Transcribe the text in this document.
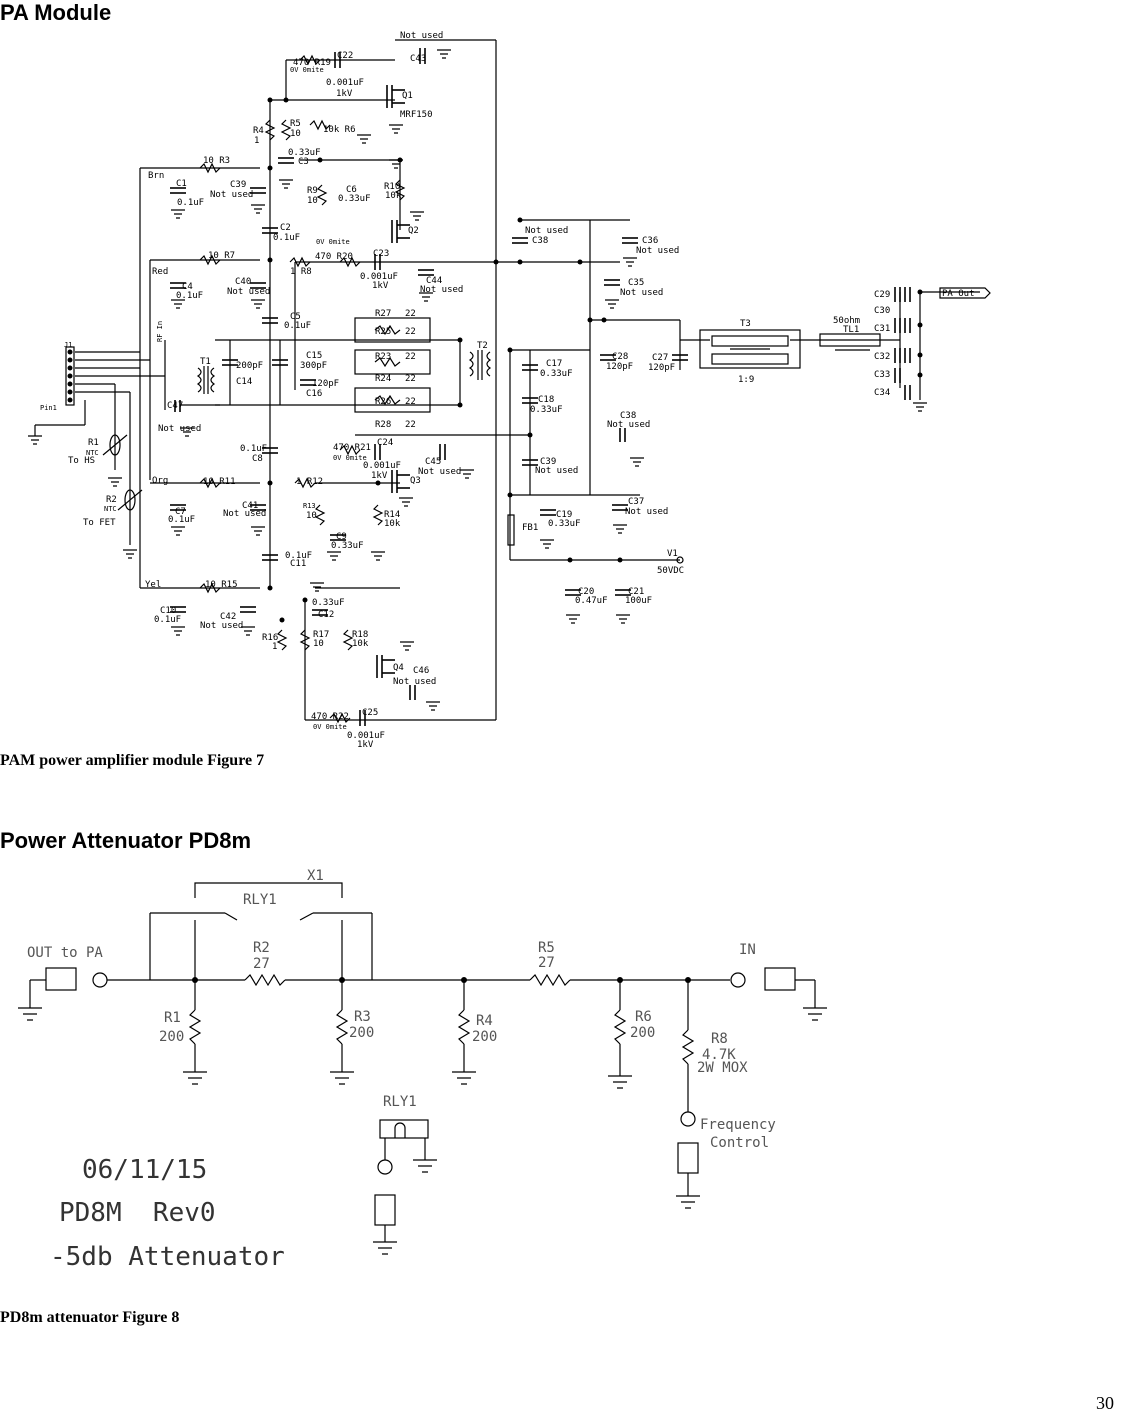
PA Module
Power Attenuator PD8m

PAM power amplifier module Figure 7

PD8m attenuator Figure 8

30
Brn
Red
Org
Yel
J1
Pin1
RF In
R1
NTC
To HS
R2
NTC
To FET
C1
0.1uF
10 R3
C39
Not used
R4
1
R5
10
0.33uF
C3
470 R19
0V 0mite
C22
0.001uF
1kV	Q1
MRF150
10k R6
Not used
C43
R9
10
C6
0.33uF
R10
10k
Q2
C2
0.1uF 0V 0mite
470 R20 C23
0.001uF
1kV	C44
Not used
Not used
C38	C36
Not used
C35
Not used
10 R7
1 R8
C4
0.1uF
C40
Not used
C5
0.1uF
T1	200pF
C14
C15
300pF
120pF
C16
R27 22
R25 22
R23 22
R24 22
R26 22
R28 22
T2
C17
0.33uF
C18
0.33uF
C28
120pF
C27
120pF
T3
1:9
50ohm
TL1
C29
C30
C31
C32
C33
C34
PA Out
C47
Not used
C38
Not used
0.1uF
C8
470 R21
0V 0mite
C24
0.001uF
1kV
C45
Not used
Q3
C39
Not used
10 R11	1 R12
C7
0.1uF
C41
Not used
R13
10
C9
0.33uF
R14
10k	FB1
C19
0.33uF
C37
Not used
V1
50VDC
C20
0.47uF
C21
100uF
0.1uF
C11
10 R15
C10
0.1uF	C42
Not used
0.33uF
C12
R16
1
R17
10
R18
10k
Q4 C46
Not used
470 R22
0V 0mite
C25
0.001uF
1kV
X1
RLY1
OUT to PA	IN
R2
27
R5
27
R1
200
R3
200
R4
200
R6
200	R8
4.7K
2W MOX
RLY1
Frequency
Control
06/11/15
PD8M  Rev0
-5db Attenuator
